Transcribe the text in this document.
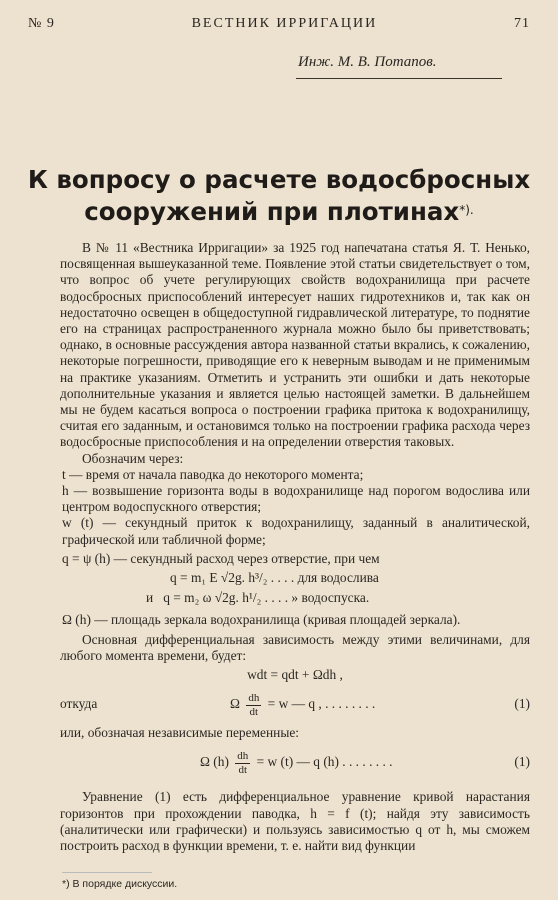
№ 9	ВЕСТНИК ИРРИГАЦИИ	71
Инж. М. В. Потапов.
К вопросу о расчете водосбросных
сооружений при плотинах*).

В № 11 «Вестника Ирригации» за 1925 год напечатана статья Я. Т. Ненько, посвященная вышеуказанной теме. Появление этой статьи свидетельствует о том, что вопрос об учете регулирующих свойств водохранилища при расчете водосбросных приспособлений интересует наших гидротехников и, так как он недостаточно освещен в общедоступной гидравлической литературе, то поднятие его на страницах распространенного журнала можно было бы приветствовать; однако, в основные рассуждения автора названной статьи вкрались, к сожалению, некоторые погрешности, приводящие его к неверным выводам и не применимым на практике указаниям. Отметить и устранить эти ошибки и дать некоторые дополнительные указания и является целью настоящей заметки. В дальнейшем мы не будем касаться вопроса о построении графика притока к водохранилищу, считая его заданным, и остановимся только на построении графика расхода через водосбросные приспособления и на определении отверстия таковых.

Обозначим через:

t — время от начала паводка до некоторого момента;

h — возвышение горизонта воды в водохранилище над порогом водослива или центром водоспускного отверстия;

w (t) — секундный приток к водохранилищу, заданный в аналитической, графической или табличной форме;

q = ψ (h) — секундный расход через отверстие, при чем

q = m₁ E √2g. h³/₂ . . . . для водослива
и q = m₂ ω √2g. h¹/₂ . . . . » водоспуска.

Ω (h) — площадь зеркала водохранилища (кривая площадей зеркала).

Основная дифференциальная зависимость между этими величинами, для любого момента времени, будет:

wdt = qdt + Ωdh ,
откуда	Ω $\frac{dh}{dt} = w$ — q , . . . . . . . .	(1)

или, обозначая независимые переменные:

Ω $(h) \frac{dh}{dt} = w$ (t) — q (h) . . . . . . . .	(1)

Уравнение (1) есть дифференциальное уравнение кривой нарастания горизонтов при прохождении паводка, h = f (t); найдя эту зависимость (аналитически или графически) и пользуясь зависимостью q от h, мы сможем построить расход в функции времени, т. е. найти вид функции

*) В порядке дискуссии.
